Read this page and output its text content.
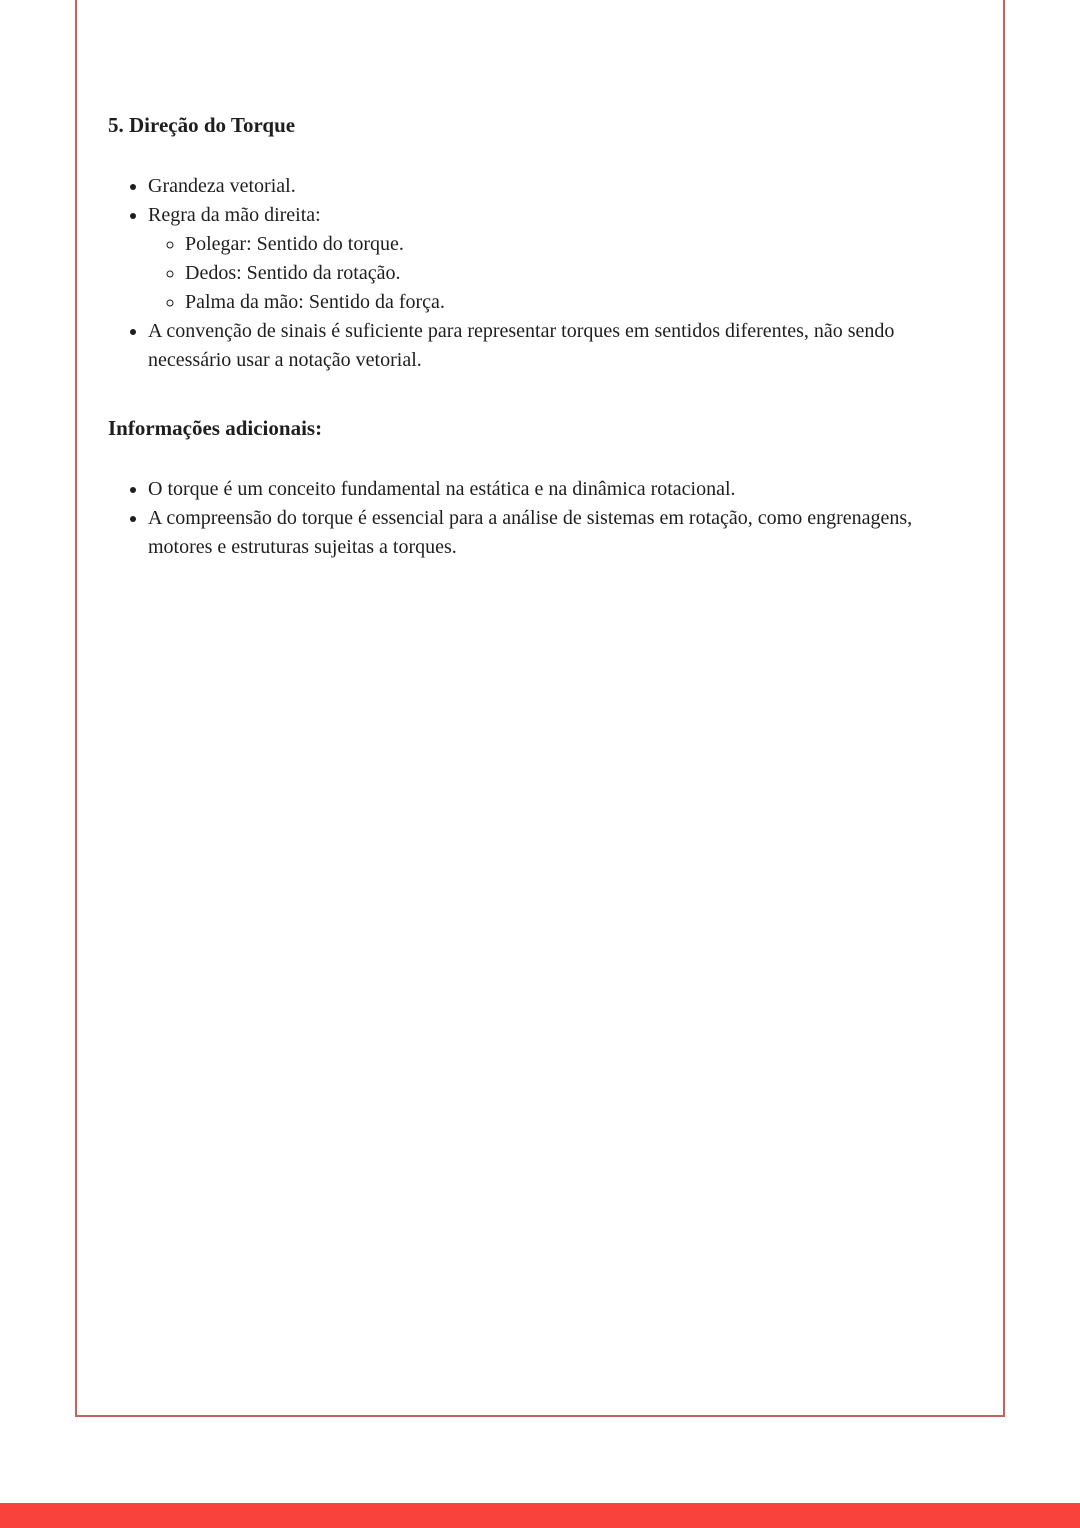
5. Direção do Torque
• Grandeza vetorial.
• Regra da mão direita:
◦ Polegar: Sentido do torque.
◦ Dedos: Sentido da rotação.
◦ Palma da mão: Sentido da força.
• A convenção de sinais é suficiente para representar torques em sentidos diferentes, não sendo necessário usar a notação vetorial.
Informações adicionais:
• O torque é um conceito fundamental na estática e na dinâmica rotacional.
• A compreensão do torque é essencial para a análise de sistemas em rotação, como engrenagens, motores e estruturas sujeitas a torques.
